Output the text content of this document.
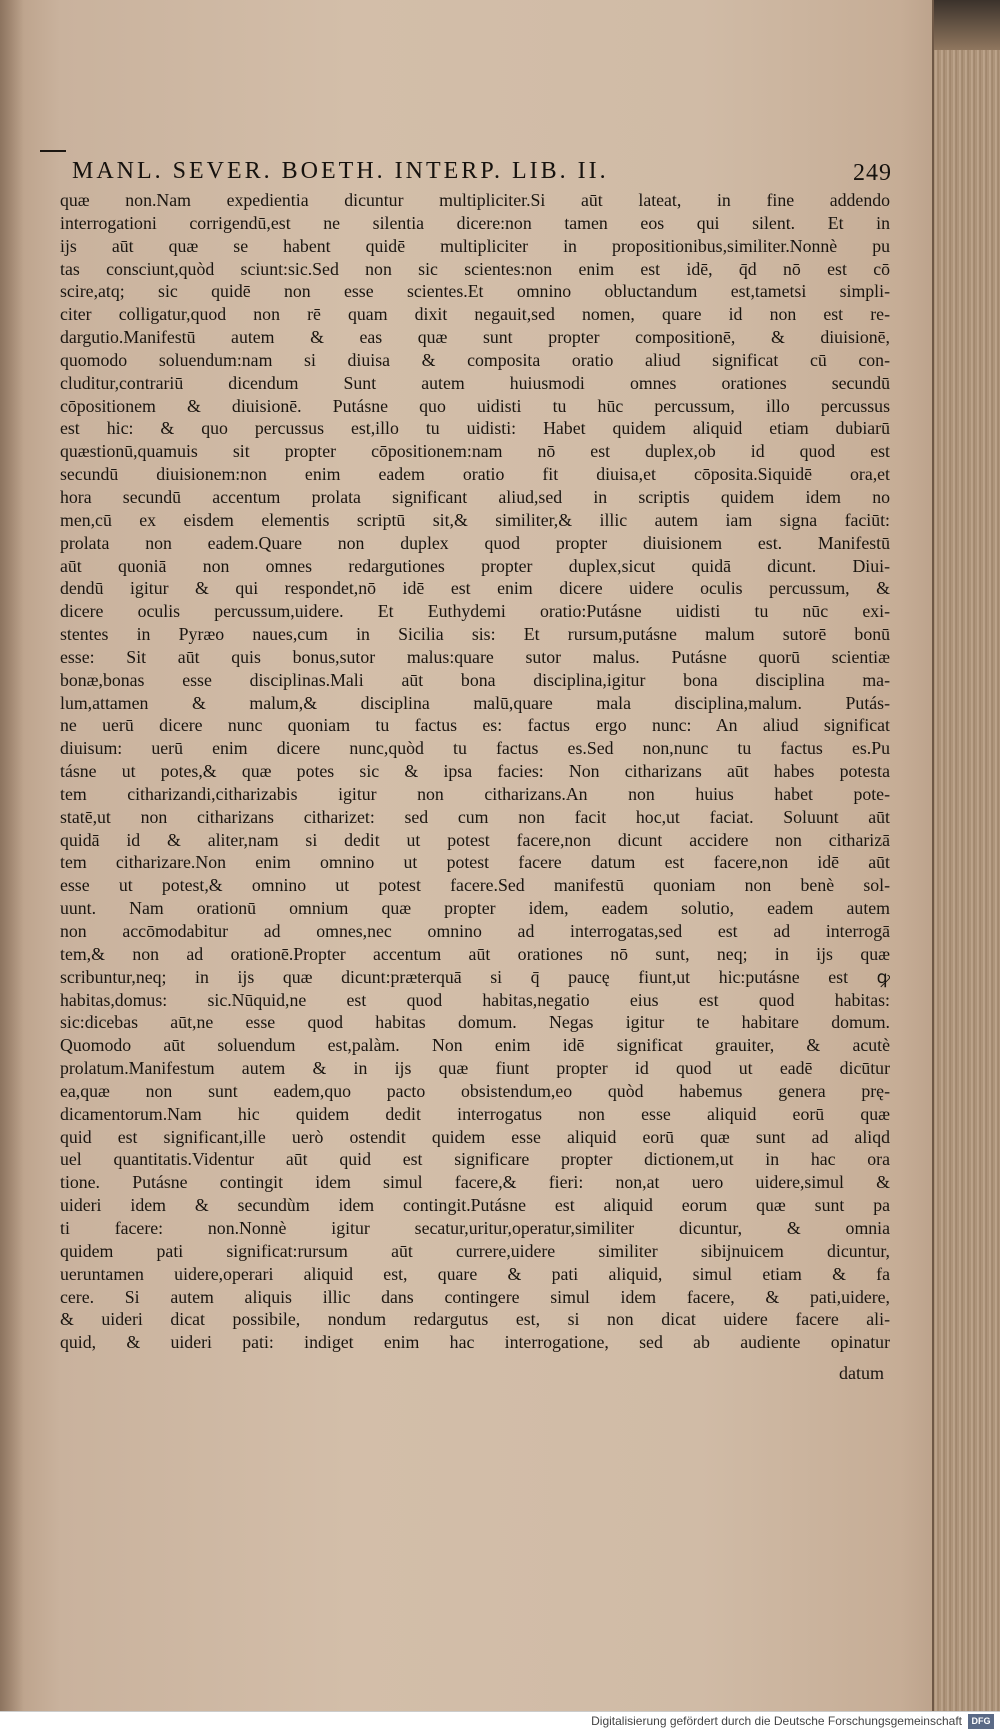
MANL. SEVER. BOETH. INTERP. LIB. II.	249
quæ non.Nam expedientia dicuntur multipliciter.Si aūt lateat, in fine addendo
interrogationi corrigendū,est ne silentia dicere:non tamen eos qui silent. Et in
ijs aūt quæ se habent quidē multipliciter in propositionibus,similiter.Nonnè pu
tas consciunt,quòd sciunt:sic.Sed non sic scientes:non enim est idē, q̄d nō est cō
scire,atq; sic quidē non esse scientes.Et omnino obluctandum est,tametsi simpli-
citer colligatur,quod non rē quam dixit negauit,sed nomen, quare id non est re-
dargutio.Manifestū autem & eas quæ sunt propter compositionē, & diuisionē,
quomodo soluendum:nam si diuisa & composita oratio aliud significat cū con-
cluditur,contrariū dicendum Sunt autem huiusmodi omnes orationes secundū
cōpositionem & diuisionē. Putásne quo uidisti tu hūc percussum, illo percussus
est hic: & quo percussus est,illo tu uidisti: Habet quidem aliquid etiam dubiarū
quæstionū,quamuis sit propter cōpositionem:nam nō est duplex,ob id quod est
secundū diuisionem:non enim eadem oratio fit diuisa,et cōposita.Siquidē ora,et
hora secundū accentum prolata significant aliud,sed in scriptis quidem idem no
men,cū ex eisdem elementis scriptū sit,& similiter,& illic autem iam signa faciūt:
prolata non eadem.Quare non duplex quod propter diuisionem est. Manifestū
aūt quoniā non omnes redargutiones propter duplex,sicut quidā dicunt. Diui-
dendū igitur & qui respondet,nō idē est enim dicere uidere oculis percussum, &
dicere oculis percussum,uidere. Et Euthydemi oratio:Putásne uidisti tu nūc exi-
stentes in Pyræo naues,cum in Sicilia sis: Et rursum,putásne malum sutorē bonū
esse: Sit aūt quis bonus,sutor malus:quare sutor malus. Putásne quorū scientiæ
bonæ,bonas esse disciplinas.Mali aūt bona disciplina,igitur bona disciplina ma-
lum,attamen & malum,& disciplina malū,quare mala disciplina,malum. Putás-
ne uerū dicere nunc quoniam tu factus es: factus ergo nunc: An aliud significat
diuisum: uerū enim dicere nunc,quòd tu factus es.Sed non,nunc tu factus es.Pu
tásne ut potes,& quæ potes sic & ipsa facies: Non citharizans aūt habes potesta
tem citharizandi,citharizabis igitur non citharizans.An non huius habet pote-
statē,ut non citharizans citharizet: sed cum non facit hoc,ut faciat. Soluunt aūt
quidā id & aliter,nam si dedit ut potest facere,non dicunt accidere non citharizā
tem citharizare.Non enim omnino ut potest facere datum est facere,non idē aūt
esse ut potest,& omnino ut potest facere.Sed manifestū quoniam non benè sol-
uunt. Nam orationū omnium quæ propter idem, eadem solutio, eadem autem
non accōmodabitur ad omnes,nec omnino ad interrogatas,sed est ad interrogā
tem,& non ad orationē.Propter accentum aūt orationes nō sunt, neq; in ijs quæ
scribuntur,neq; in ijs quæ dicunt:præterquā si q̄ paucę fiunt,ut hic:putásne est ꝙ
habitas,domus: sic.Nūquid,ne est quod habitas,negatio eius est quod habitas:
sic:dicebas aūt,ne esse quod habitas domum. Negas igitur te habitare domum.
Quomodo aūt soluendum est,palàm. Non enim idē significat grauiter, & acutè
prolatum.Manifestum autem & in ijs quæ fiunt propter id quod ut eadē dicūtur
ea,quæ non sunt eadem,quo pacto obsistendum,eo quòd habemus genera prę-
dicamentorum.Nam hic quidem dedit interrogatus non esse aliquid eorū quæ
quid est significant,ille uerò ostendit quidem esse aliquid eorū quæ sunt ad aliqd
uel quantitatis.Videntur aūt quid est significare propter dictionem,ut in hac ora
tione. Putásne contingit idem simul facere,& fieri: non,at uero uidere,simul &
uideri idem & secundùm idem contingit.Putásne est aliquid eorum quæ sunt pa
ti facere: non.Nonnè igitur secatur,uritur,operatur,similiter dicuntur, & omnia
quidem pati significat:rursum aūt currere,uidere similiter sibijnuicem dicuntur,
ueruntamen uidere,operari aliquid est, quare & pati aliquid, simul etiam & fa
cere. Si autem aliquis illic dans contingere simul idem facere, & pati,uidere,
& uideri dicat possibile, nondum redargutus est, si non dicat uidere facere ali-
quid, & uideri pati: indiget enim hac interrogatione, sed ab audiente opinatur
datum
Digitalisierung gefördert durch die Deutsche Forschungsgemeinschaft	DFG
